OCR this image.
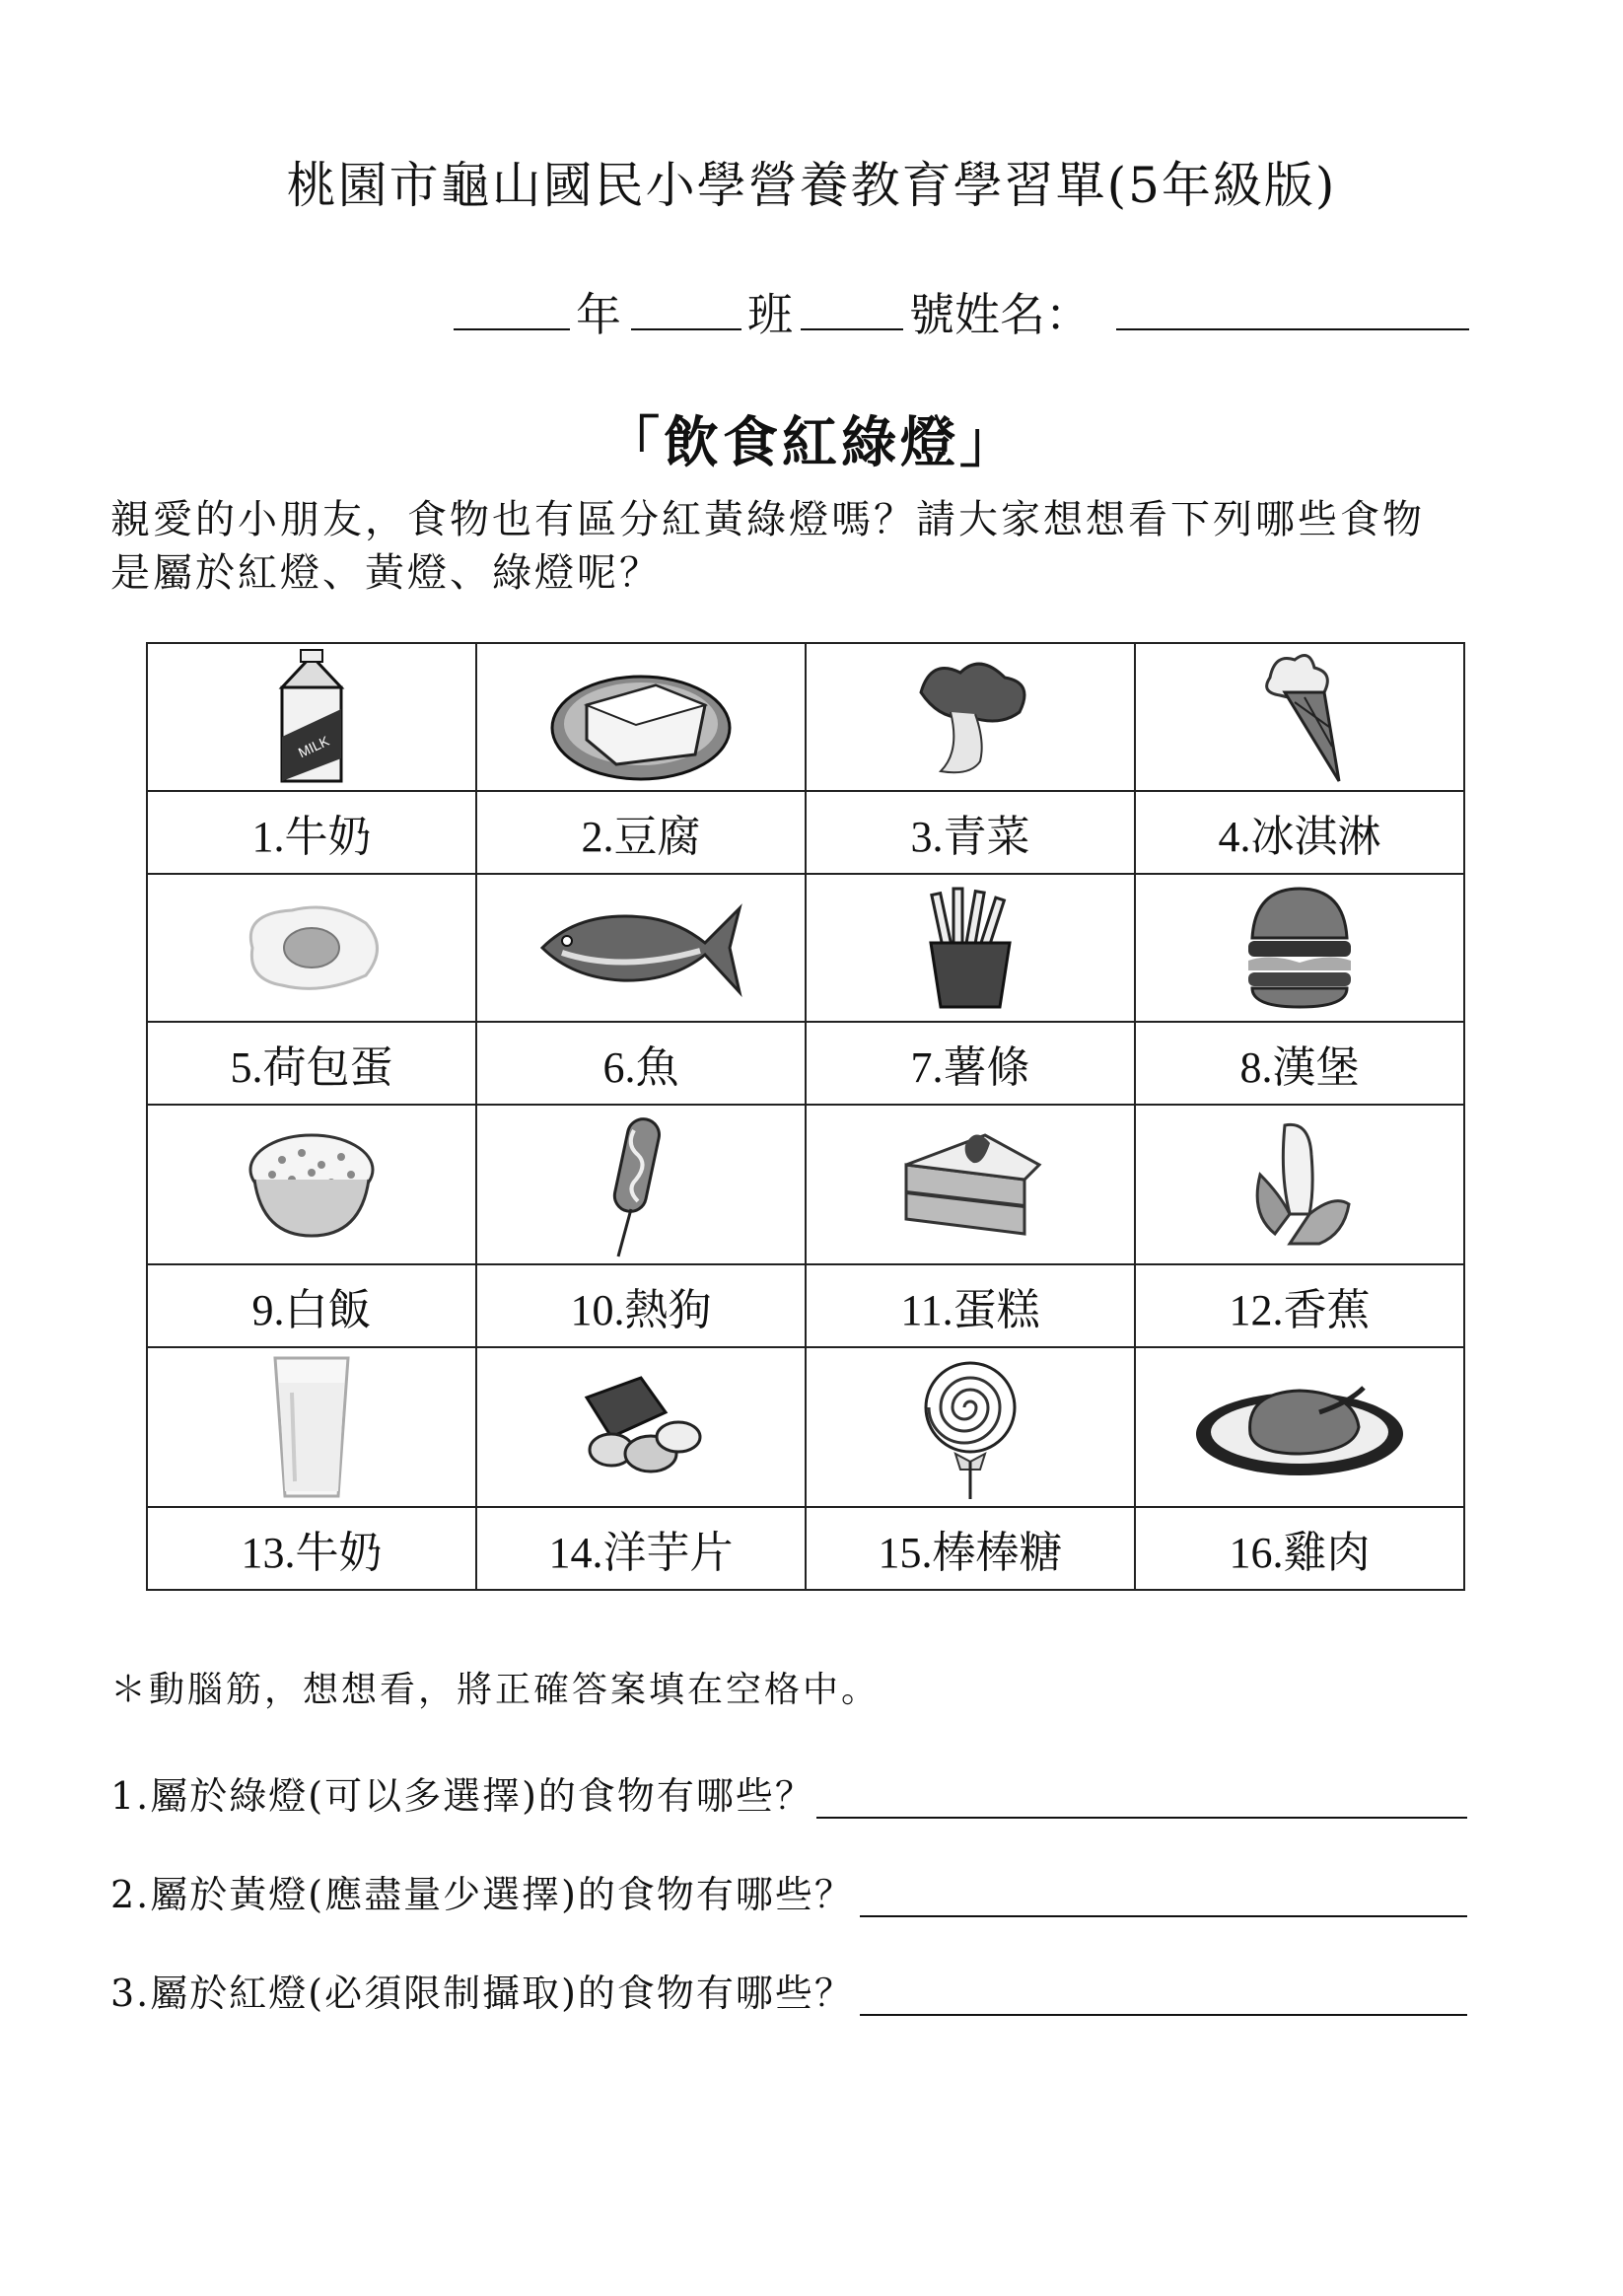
桃園市龜山國民小學營養教育學習單(5年級版)
年	班	號姓名：
「飲食紅綠燈」
親愛的小朋友，食物也有區分紅黃綠燈嗎？請大家想想看下列哪些食物
是屬於紅燈、黃燈、綠燈呢？
MILK

1.牛奶	2.豆腐	3.青菜	4.冰淇淋

5.荷包蛋	6.魚	7.薯條	8.漢堡

9.白飯	10.熱狗	11.蛋糕	12.香蕉

13.牛奶	14.洋芋片	15.棒棒糖	16.雞肉
＊動腦筋，想想看，將正確答案填在空格中。
1.屬於綠燈(可以多選擇)的食物有哪些？
2.屬於黃燈(應盡量少選擇)的食物有哪些？
3.屬於紅燈(必須限制攝取)的食物有哪些？
